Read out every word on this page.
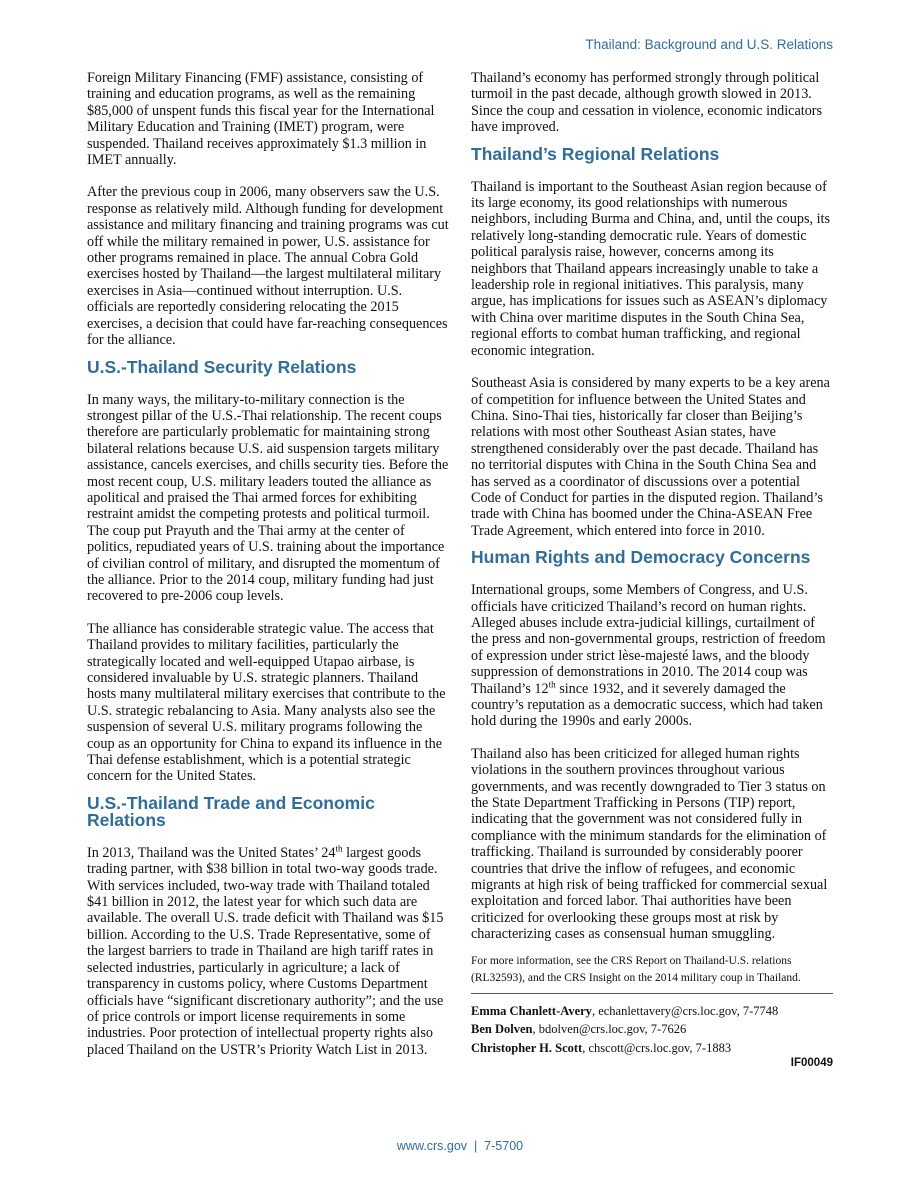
Thailand: Background and U.S. Relations

Foreign Military Financing (FMF) assistance, consisting of training and education programs, as well as the remaining $85,000 of unspent funds this fiscal year for the International Military Education and Training (IMET) program, were suspended. Thailand receives approximately $1.3 million in IMET annually.

After the previous coup in 2006, many observers saw the U.S. response as relatively mild. Although funding for development assistance and military financing and training programs was cut off while the military remained in power, U.S. assistance for other programs remained in place. The annual Cobra Gold exercises hosted by Thailand—the largest multilateral military exercises in Asia—continued without interruption. U.S. officials are reportedly considering relocating the 2015 exercises, a decision that could have far-reaching consequences for the alliance.

U.S.-Thailand Security Relations

In many ways, the military-to-military connection is the strongest pillar of the U.S.-Thai relationship. The recent coups therefore are particularly problematic for maintaining strong bilateral relations because U.S. aid suspension targets military assistance, cancels exercises, and chills security ties. Before the most recent coup, U.S. military leaders touted the alliance as apolitical and praised the Thai armed forces for exhibiting restraint amidst the competing protests and political turmoil. The coup put Prayuth and the Thai army at the center of politics, repudiated years of U.S. training about the importance of civilian control of military, and disrupted the momentum of the alliance. Prior to the 2014 coup, military funding had just recovered to pre-2006 coup levels.

The alliance has considerable strategic value. The access that Thailand provides to military facilities, particularly the strategically located and well-equipped Utapao airbase, is considered invaluable by U.S. strategic planners. Thailand hosts many multilateral military exercises that contribute to the U.S. strategic rebalancing to Asia. Many analysts also see the suspension of several U.S. military programs following the coup as an opportunity for China to expand its influence in the Thai defense establishment, which is a potential strategic concern for the United States.

U.S.-Thailand Trade and Economic Relations

In 2013, Thailand was the United States’ 24th largest goods trading partner, with $38 billion in total two-way goods trade. With services included, two-way trade with Thailand totaled $41 billion in 2012, the latest year for which such data are available. The overall U.S. trade deficit with Thailand was $15 billion. According to the U.S. Trade Representative, some of the largest barriers to trade in Thailand are high tariff rates in selected industries, particularly in agriculture; a lack of transparency in customs policy, where Customs Department officials have “significant discretionary authority”; and the use of price controls or import license requirements in some industries. Poor protection of intellectual property rights also placed Thailand on the USTR’s Priority Watch List in 2013.

Thailand’s economy has performed strongly through political turmoil in the past decade, although growth slowed in 2013. Since the coup and cessation in violence, economic indicators have improved.

Thailand’s Regional Relations

Thailand is important to the Southeast Asian region because of its large economy, its good relationships with numerous neighbors, including Burma and China, and, until the coups, its relatively long-standing democratic rule. Years of domestic political paralysis raise, however, concerns among its neighbors that Thailand appears increasingly unable to take a leadership role in regional initiatives. This paralysis, many argue, has implications for issues such as ASEAN’s diplomacy with China over maritime disputes in the South China Sea, regional efforts to combat human trafficking, and regional economic integration.

Southeast Asia is considered by many experts to be a key arena of competition for influence between the United States and China. Sino-Thai ties, historically far closer than Beijing’s relations with most other Southeast Asian states, have strengthened considerably over the past decade. Thailand has no territorial disputes with China in the South China Sea and has served as a coordinator of discussions over a potential Code of Conduct for parties in the disputed region. Thailand’s trade with China has boomed under the China-ASEAN Free Trade Agreement, which entered into force in 2010.

Human Rights and Democracy Concerns

International groups, some Members of Congress, and U.S. officials have criticized Thailand’s record on human rights. Alleged abuses include extra-judicial killings, curtailment of the press and non-governmental groups, restriction of freedom of expression under strict lèse-majesté laws, and the bloody suppression of demonstrations in 2010. The 2014 coup was Thailand’s 12th since 1932, and it severely damaged the country’s reputation as a democratic success, which had taken hold during the 1990s and early 2000s.

Thailand also has been criticized for alleged human rights violations in the southern provinces throughout various governments, and was recently downgraded to Tier 3 status on the State Department Trafficking in Persons (TIP) report, indicating that the government was not considered fully in compliance with the minimum standards for the elimination of trafficking. Thailand is surrounded by considerably poorer countries that drive the inflow of refugees, and economic migrants at high risk of being trafficked for commercial sexual exploitation and forced labor. Thai authorities have been criticized for overlooking these groups most at risk by characterizing cases as consensual human smuggling.

For more information, see the CRS Report on Thailand-U.S. relations (RL32593), and the CRS Insight on the 2014 military coup in Thailand.
Emma Chanlett-Avery, echanlettavery@crs.loc.gov, 7-7748
Ben Dolven, bdolven@crs.loc.gov, 7-7626
Christopher H. Scott, chscott@crs.loc.gov, 7-1883
IF00049
www.crs.gov  |  7-5700
